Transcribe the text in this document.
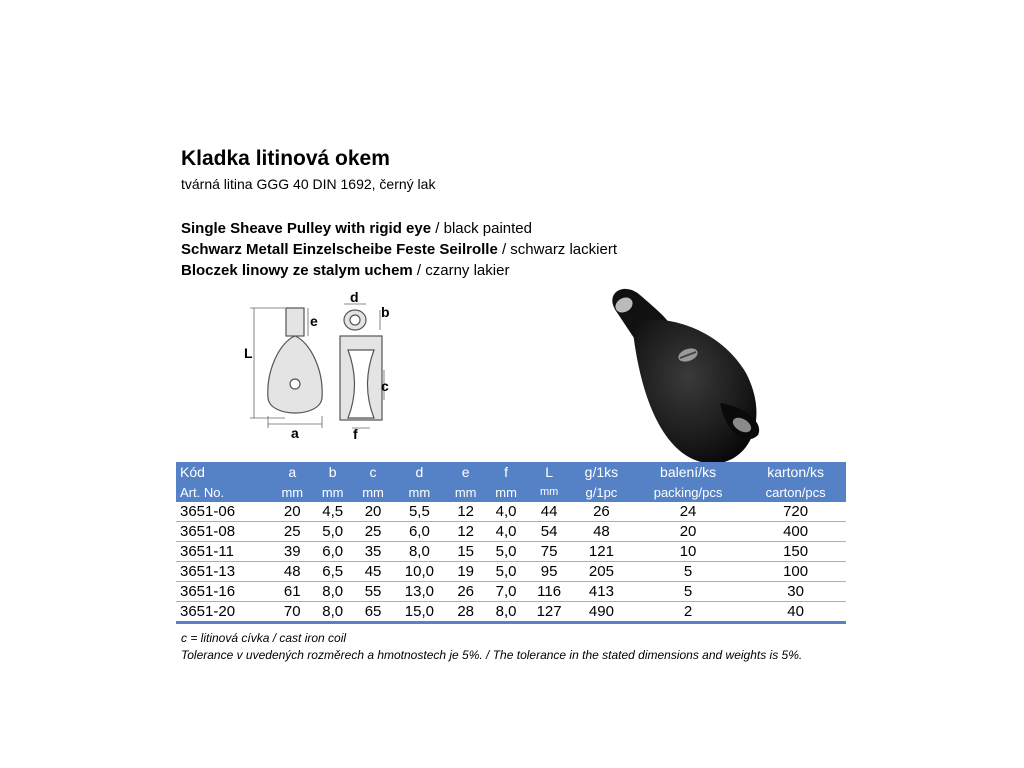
Kladka litinová okem
tvárná litina GGG 40 DIN 1692, černý lak
Single Sheave Pulley with rigid eye / black painted
Schwarz Metall Einzelscheibe Feste Seilrolle / schwarz lackiert
Bloczek linowy ze stalym uchem / czarny lakier
L
e
a
d
b
c
f
Kód	a	b	c	d	e	f	L	g/1ks	balení/ks	karton/ks
Art. No.	mm	mm	mm	mm	mm	mm	mm	g/1pc	packing/pcs	carton/pcs
3651-06	20	4,5	20	5,5	12	4,0	44	26	24	720
3651-08	25	5,0	25	6,0	12	4,0	54	48	20	400
3651-11	39	6,0	35	8,0	15	5,0	75	121	10	150
3651-13	48	6,5	45	10,0	19	5,0	95	205	5	100
3651-16	61	8,0	55	13,0	26	7,0	116	413	5	30
3651-20	70	8,0	65	15,0	28	8,0	127	490	2	40
c = litinová cívka / cast iron coil
Tolerance v uvedených rozměrech a hmotnostech je 5%. / The tolerance in the stated dimensions and weights is 5%.
